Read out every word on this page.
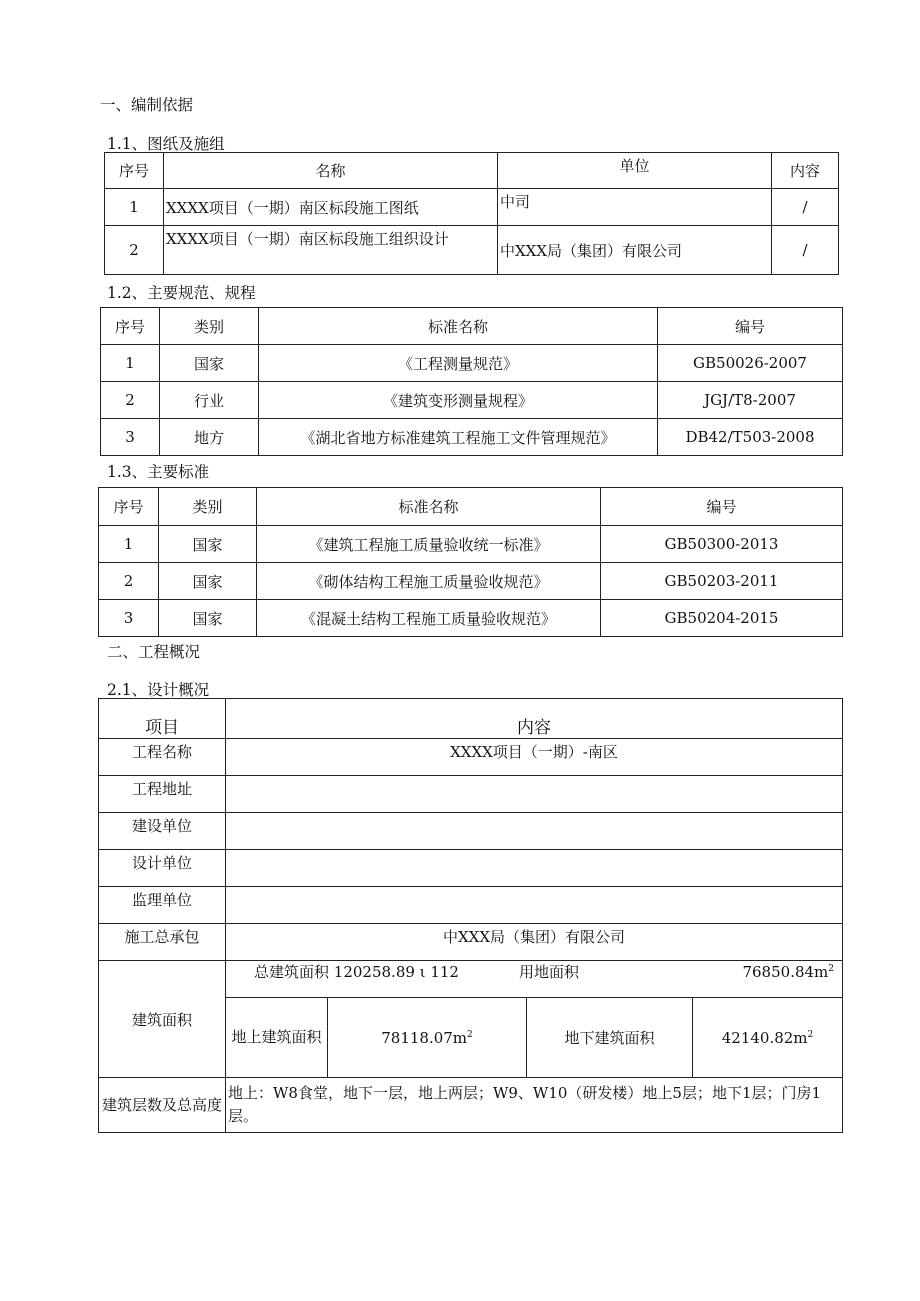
一、编制依据
1.1、图纸及施组
序号	名称	单位	内容
1	XXXX项目（一期）南区标段施工图纸	中司	/
2	XXXX项目（一期）南区标段施工组织设计	中XXX局（集团）有限公司	/
1.2、主要规范、规程
序号	类别	标准名称	编号
1	国家	《工程测量规范》	GB50026-2007
2	行业	《建筑变形测量规程》	JGJ/T8-2007
3	地方	《湖北省地方标准建筑工程施工文件管理规范》	DB42/T503-2008
1.3、主要标准
序号	类别	标准名称	编号
1	国家	《建筑工程施工质量验收统一标准》	GB50300-2013
2	国家	《砌体结构工程施工质量验收规范》	GB50203-2011
3	国家	《混凝土结构工程施工质量验收规范》	GB50204-2015
二、工程概况
2.1、设计概况
项目	内容			
工程名称	XXXX项目（一期）-南区			
工程地址				
建设单位				
设计单位				
监理单位				
施工总承包	中XXX局（集团）有限公司			
建筑面积	总建筑面积 120258.89 ι 112 用地面积 $76850.84m^2$

	地上建筑面积	$78118.07m^2$	地下建筑面积	$42140.82m^2$
建筑层数及总高度	地上：W8食堂，地下一层，地上两层；W9、W10（研发楼）地上5层；地下1层；门房1层。			
